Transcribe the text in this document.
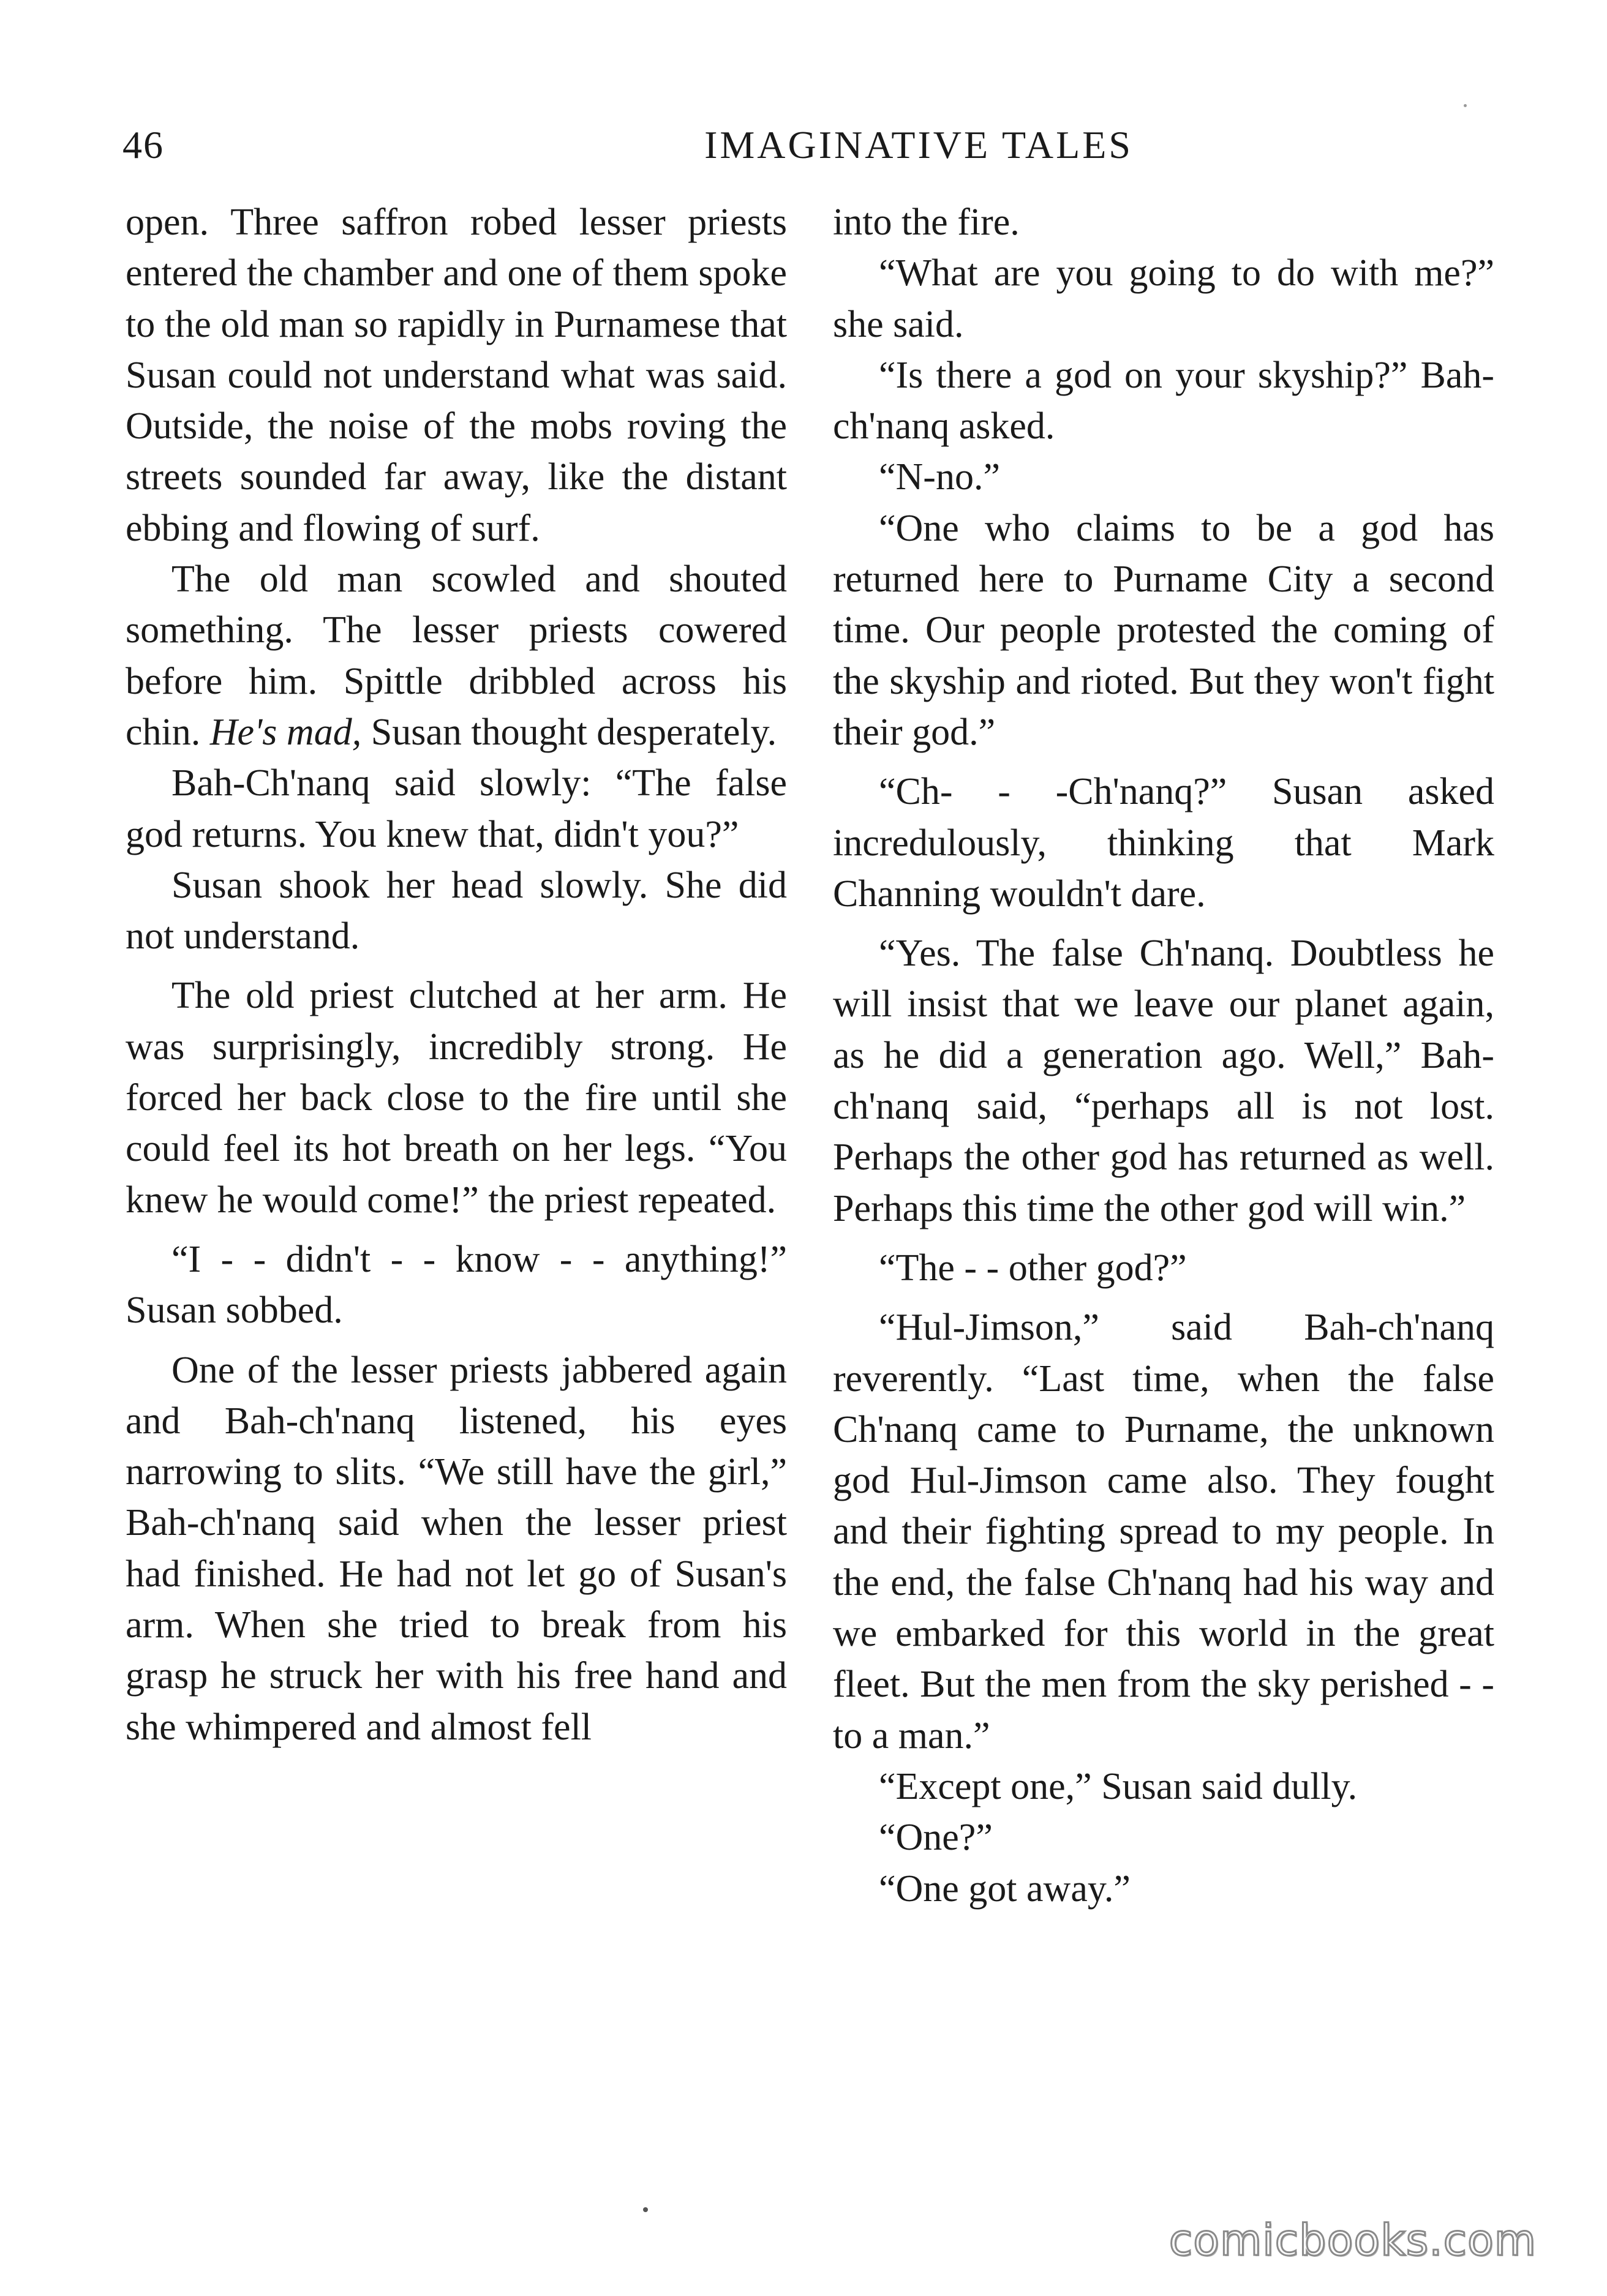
46	IMAGINATIVE TALES

open. Three saffron robed lesser priests entered the chamber and one of them spoke to the old man so rapidly in Purnamese that Susan could not understand what was said. Outside, the noise of the mobs roving the streets sounded far away, like the distant ebbing and flowing of surf.

The old man scowled and shouted something. The lesser priests cowered before him. Spittle dribbled across his chin. He's mad, Susan thought desperately.

Bah-Ch'nanq said slowly: “The false god returns. You knew that, didn't you?”

Susan shook her head slowly. She did not understand.

The old priest clutched at her arm. He was surprisingly, incredibly strong. He forced her back close to the fire until she could feel its hot breath on her legs. “You knew he would come!” the priest repeated.

“I - - didn't - - know - - anything!” Susan sobbed.

One of the lesser priests jabbered again and Bah-ch'nanq listened, his eyes narrowing to slits. “We still have the girl,” Bah-ch'nanq said when the lesser priest had finished. He had not let go of Susan's arm. When she tried to break from his grasp he struck her with his free hand and she whimpered and almost fell

into the fire.

“What are you going to do with me?” she said.

“Is there a god on your skyship?” Bah-ch'nanq asked.

“N-no.”

“One who claims to be a god has returned here to Purname City a second time. Our people protested the coming of the skyship and rioted. But they won't fight their god.”

“Ch- - -Ch'nanq?” Susan asked incredulously, thinking that Mark Channing wouldn't dare.

“Yes. The false Ch'nanq. Doubtless he will insist that we leave our planet again, as he did a generation ago. Well,” Bah-ch'nanq said, “perhaps all is not lost. Perhaps the other god has returned as well. Perhaps this time the other god will win.”

“The - - other god?”

“Hul-Jimson,” said Bah-ch'nanq reverently. “Last time, when the false Ch'nanq came to Purname, the unknown god Hul-Jimson came also. They fought and their fighting spread to my people. In the end, the false Ch'nanq had his way and we embarked for this world in the great fleet. But the men from the sky perished - - to a man.”

“Except one,” Susan said dully.

“One?”

“One got away.”

comicbooks.com
